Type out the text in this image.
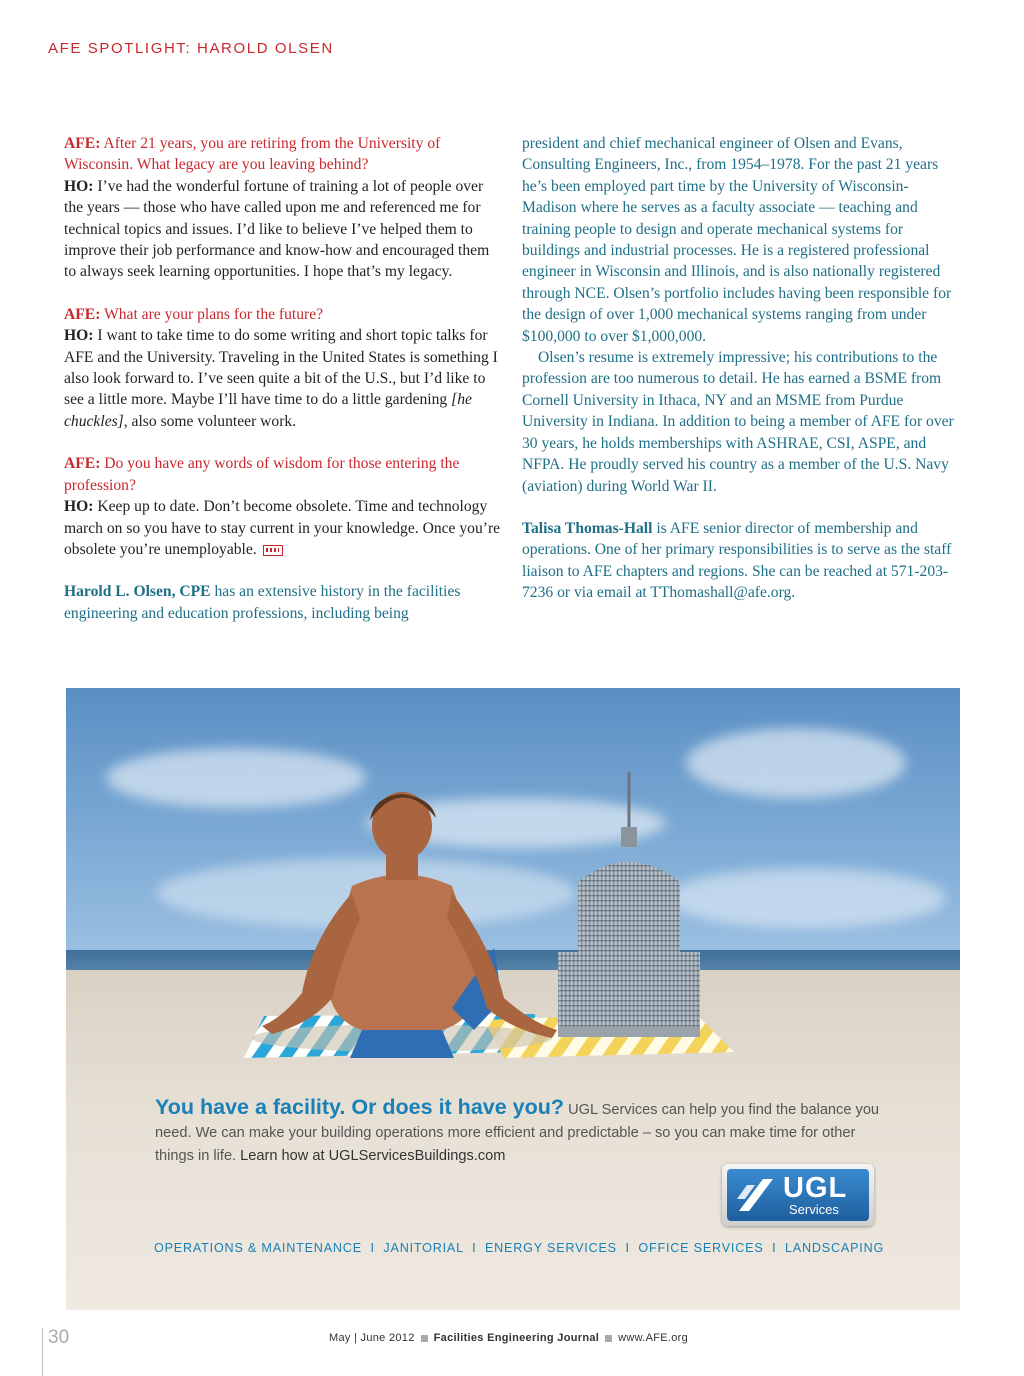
AFE SPOTLIGHT: HAROLD OLSEN

AFE: After 21 years, you are retiring from the University of Wisconsin. What legacy are you leaving behind?

HO: I’ve had the wonderful fortune of training a lot of people over the years — those who have called upon me and referenced me for technical topics and issues. I’d like to believe I’ve helped them to improve their job performance and know-how and encouraged them to always seek learning opportunities. I hope that’s my legacy.

AFE: What are your plans for the future?

HO: I want to take time to do some writing and short topic talks for AFE and the University. Traveling in the United States is something I also look forward to. I’ve seen quite a bit of the U.S., but I’d like to see a little more. Maybe I’ll have time to do a little gardening [he chuckles], also some volunteer work.

AFE: Do you have any words of wisdom for those entering the profession?

HO: Keep up to date. Don’t become obsolete. Time and technology march on so you have to stay current in your knowledge. Once you’re obsolete you’re unemployable.

Harold L. Olsen, CPE has an extensive history in the facilities engineering and education professions, including being

president and chief mechanical engineer of Olsen and Evans, Consulting Engineers, Inc., from 1954–1978. For the past 21 years he’s been employed part time by the University of Wisconsin-Madison where he serves as a faculty associate — teaching and training people to design and operate mechanical systems for buildings and industrial processes. He is a registered professional engineer in Wisconsin and Illinois, and is also nationally registered through NCE. Olsen’s portfolio includes having been responsible for the design of over 1,000 mechanical systems ranging from under $100,000 to over $1,000,000.

Olsen’s resume is extremely impressive; his contributions to the profession are too numerous to detail. He has earned a BSME from Cornell University in Ithaca, NY and an MSME from Purdue University in Indiana. In addition to being a member of AFE for over 30 years, he holds memberships with ASHRAE, CSI, ASPE, and NFPA. He proudly served his country as a member of the U.S. Navy (aviation) during World War II.

Talisa Thomas-Hall is AFE senior director of membership and operations. One of her primary responsibilities is to serve as the staff liaison to AFE chapters and regions. She can be reached at 571-203-7236 or via email at TThomashall@afe.org.

You have a facility. Or does it have you? UGL Services can help you find the balance you need. We can make your building operations more efficient and predictable – so you can make time for other things in life. Learn how at UGLServicesBuildings.com
UGL
Services
OPERATIONS & MAINTENANCE  I  JANITORIAL  I  ENERGY SERVICES  I  OFFICE SERVICES  I  LANDSCAPING
30	May | June 2012 Facilities Engineering Journal www.AFE.org
